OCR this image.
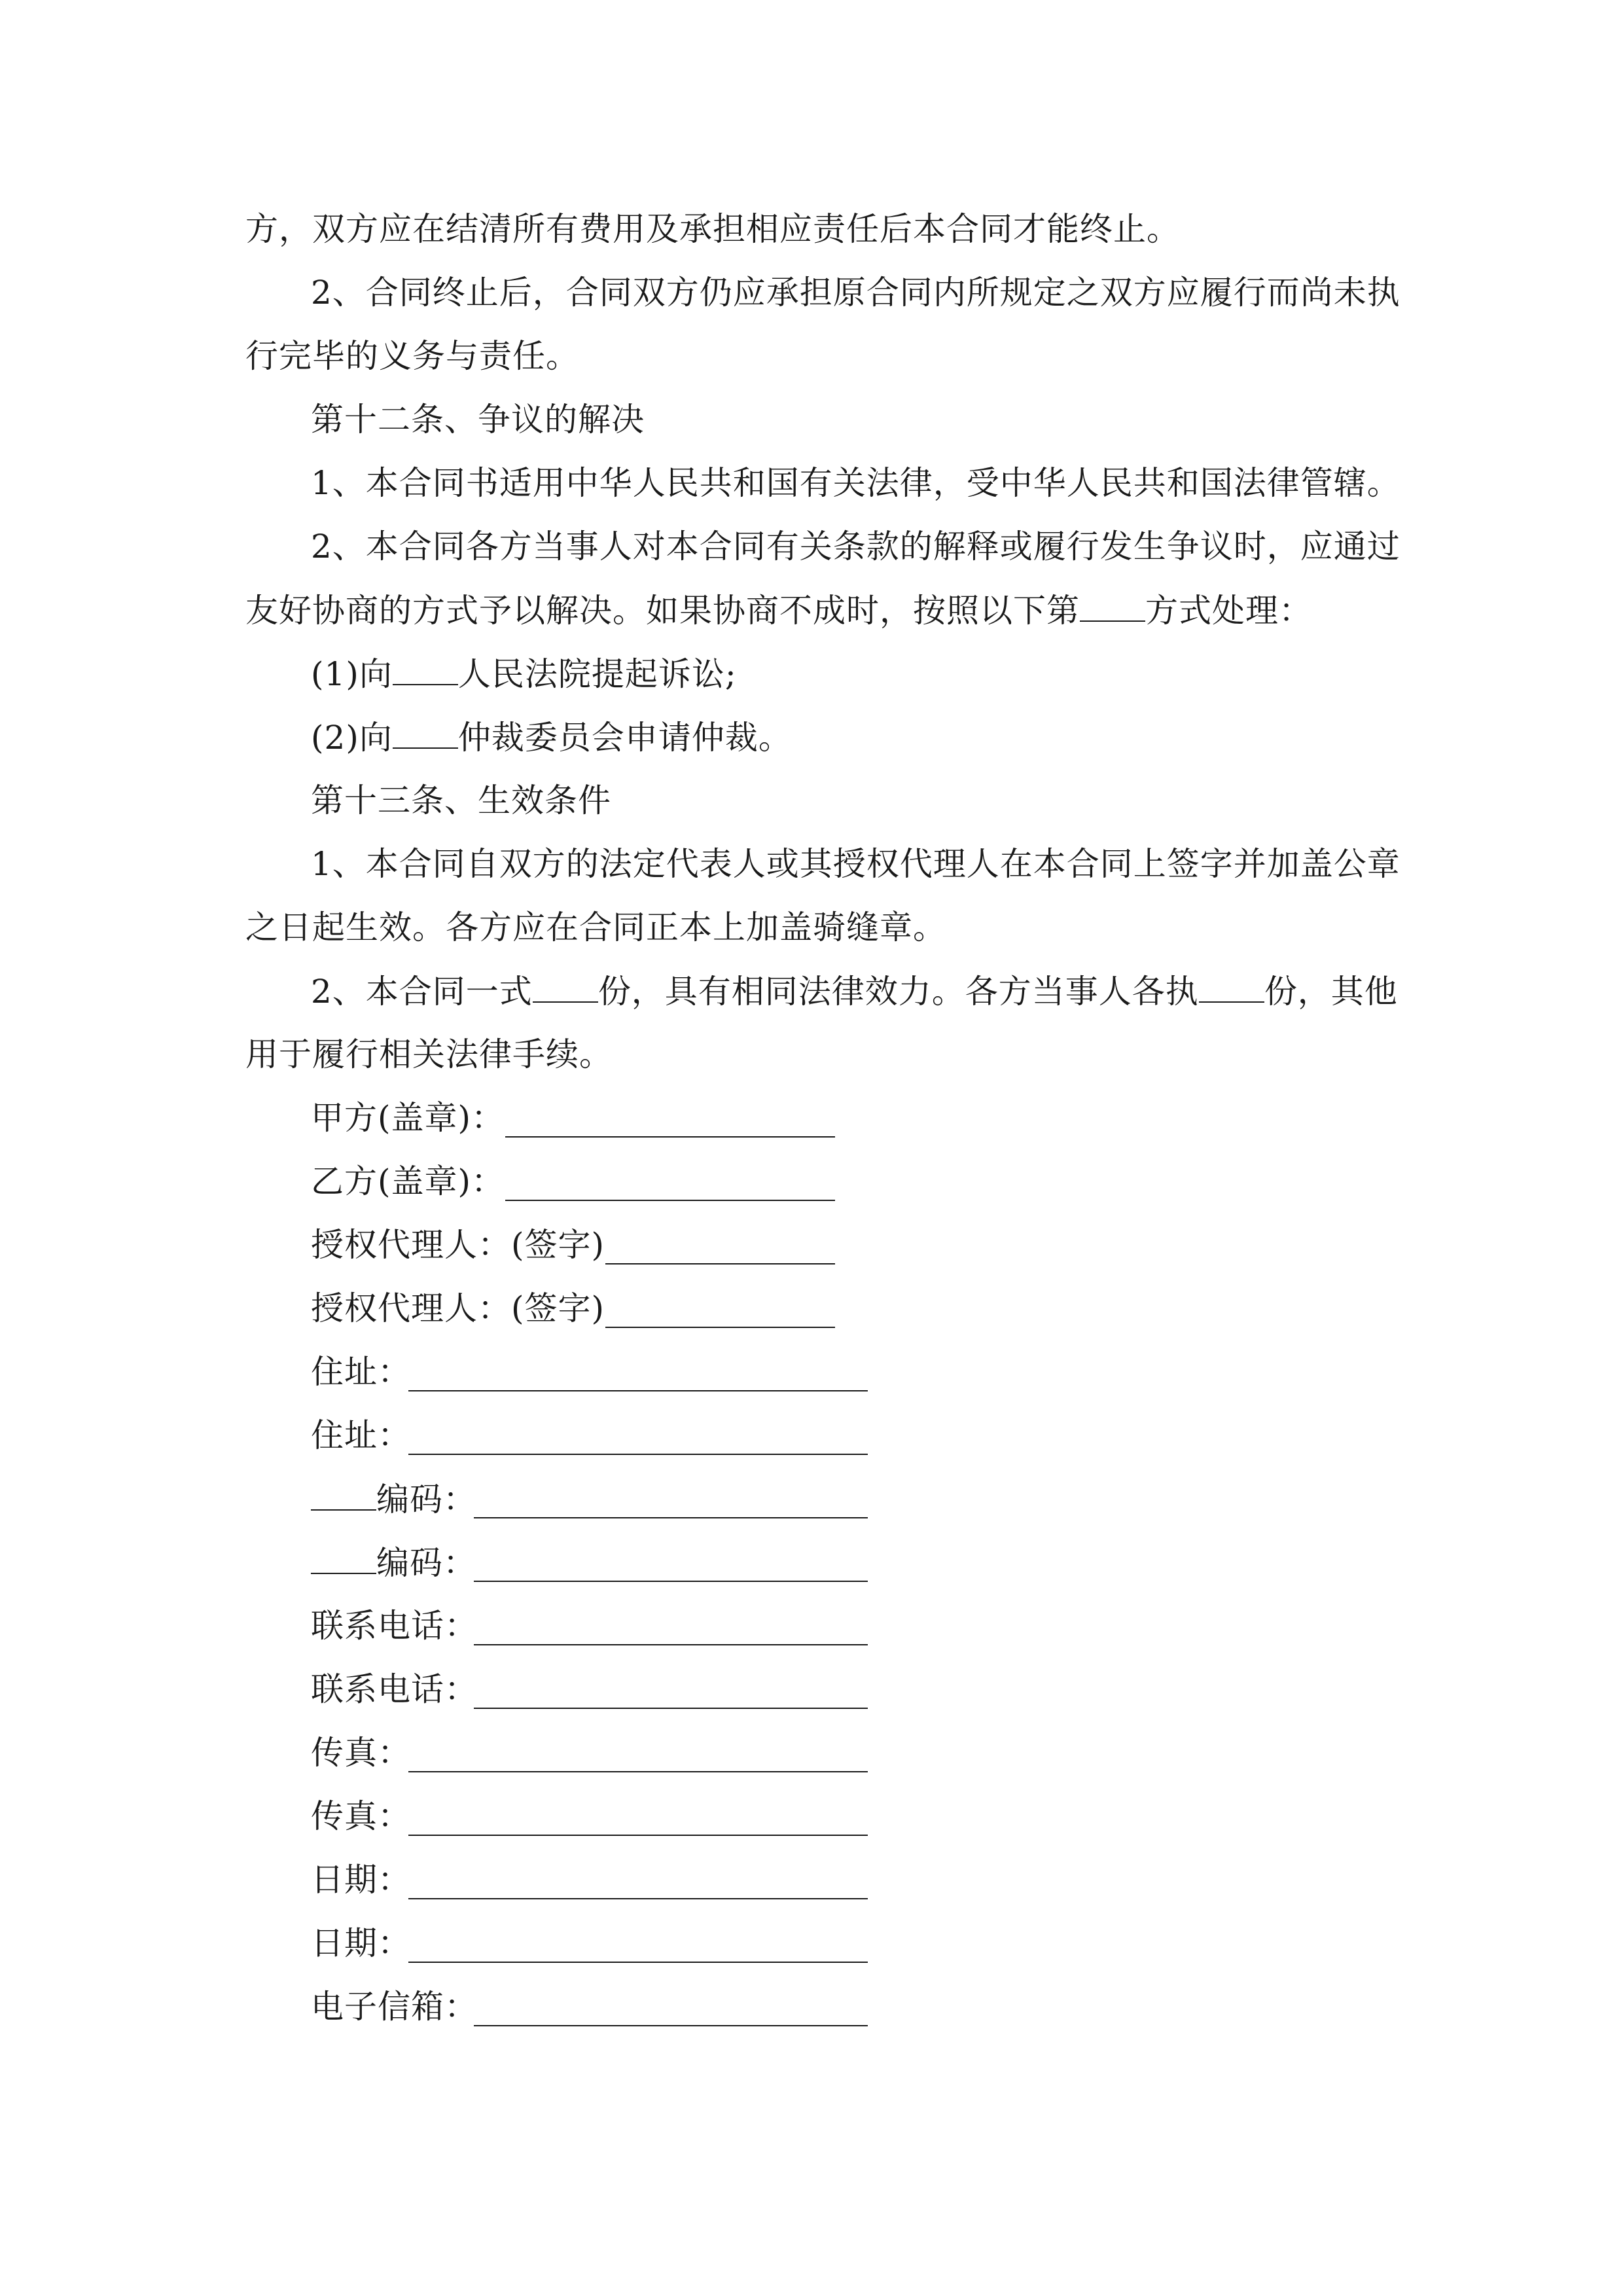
方，双方应在结清所有费用及承担相应责任后本合同才能终止。
2、合同终止后，合同双方仍应承担原合同内所规定之双方应履行而尚未执
行完毕的义务与责任。
第十二条、争议的解决
1、本合同书适用中华人民共和国有关法律，受中华人民共和国法律管辖。
2、本合同各方当事人对本合同有关条款的解释或履行发生争议时，应通过
友好协商的方式予以解决。如果协商不成时，按照以下第 方式处理：
(1)向 人民法院提起诉讼;
(2)向 仲裁委员会申请仲裁。
第十三条、生效条件
1、本合同自双方的法定代表人或其授权代理人在本合同上签字并加盖公章
之日起生效。各方应在合同正本上加盖骑缝章。
2、本合同一式 份，具有相同法律效力。各方当事人各执 份，其他
用于履行相关法律手续。
甲方(盖章)：
乙方(盖章)：
授权代理人：(签字)
授权代理人：(签字)
住址：
住址：
编码：
编码：
联系电话：
联系电话：
传真：
传真：
日期：
日期：
电子信箱：
